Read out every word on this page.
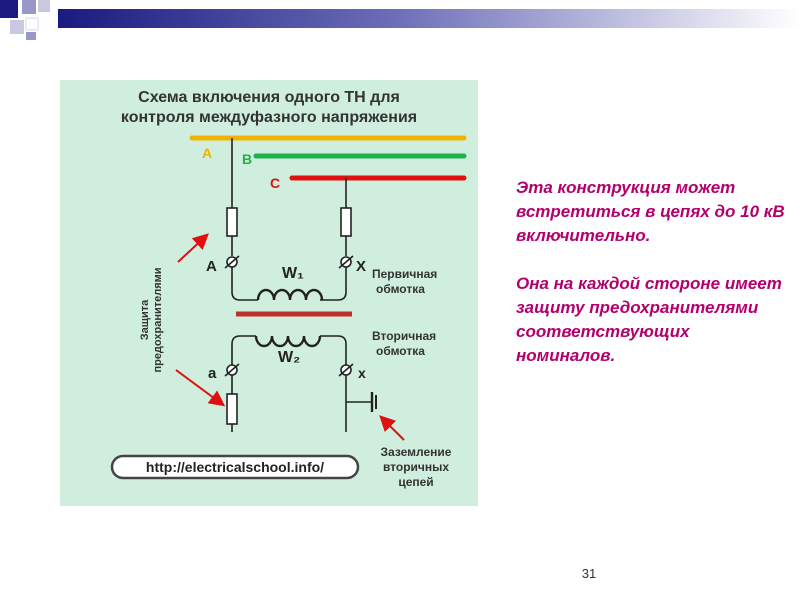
Схема включения одного ТН для
контроля междуфазного напряжения
A B
C
A	X
a	x
W₁
W₂
Первичная
обмотка
Вторичная
обмотка
Защита предохранителями
Заземление
вторичных
цепей
http://electricalschool.info/

Эта конструкция может встретиться в цепях до 10 кВ включительно.

Она на каждой стороне имеет защиту предохранителями соответствующих номиналов.

31
